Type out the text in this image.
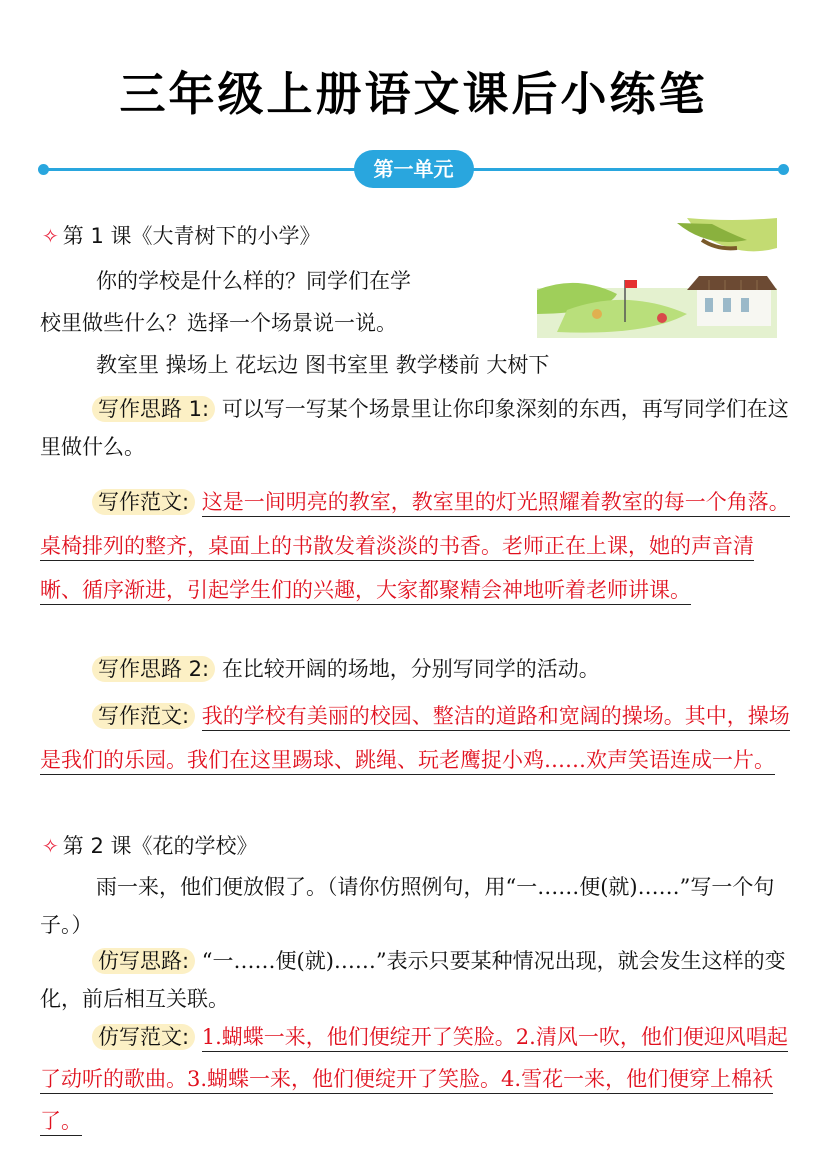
三年级上册语文课后小练笔
第一单元
✧ 第 1 课《大青树下的小学》
你的学校是什么样的？同学们在学
校里做些什么？选择一个场景说一说。
教室里 操场上 花坛边 图书室里 教学楼前 大树下
写作思路 1: 可以写一写某个场景里让你印象深刻的东西，再写同学们在这里做什么。
写作范文: 这是一间明亮的教室，教室里的灯光照耀着教室的每一个角落。桌椅排列的整齐，桌面上的书散发着淡淡的书香。老师正在上课，她的声音清晰、循序渐进，引起学生们的兴趣，大家都聚精会神地听着老师讲课。
写作思路 2: 在比较开阔的场地，分别写同学的活动。
写作范文: 我的学校有美丽的校园、整洁的道路和宽阔的操场。其中，操场是我们的乐园。我们在这里踢球、跳绳、玩老鹰捉小鸡……欢声笑语连成一片。
✧ 第 2 课《花的学校》
雨一来，他们便放假了。（请你仿照例句，用“一……便(就)……”写一个句子。）
仿写思路: “一……便(就)……”表示只要某种情况出现，就会发生这样的变化，前后相互关联。
仿写范文: 1.蝴蝶一来，他们便绽开了笑脸。2.清风一吹，他们便迎风唱起了动听的歌曲。3.蝴蝶一来，他们便绽开了笑脸。4.雪花一来，他们便穿上棉袄了。
